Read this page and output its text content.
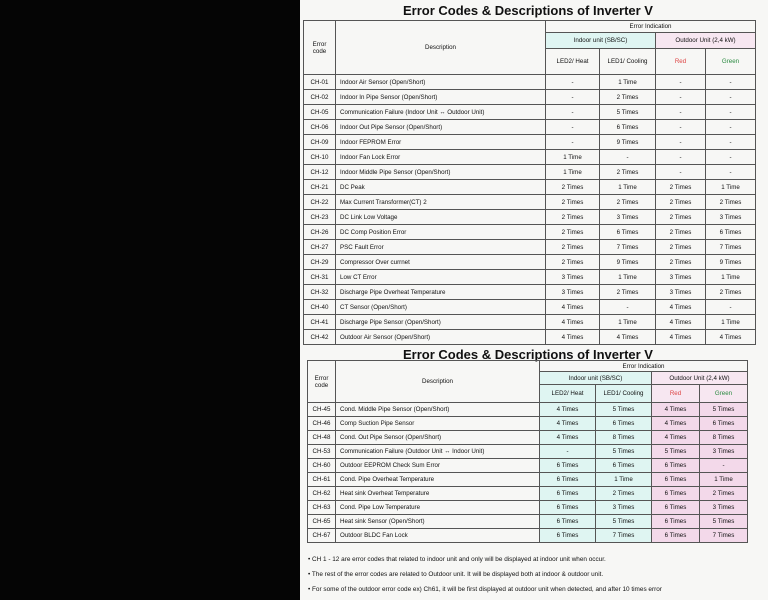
Error Codes & Descriptions of Inverter V
Error code	Description	Error Indication			
		Indoor unit (SB/SC)		Outdoor Unit (2,4 kW)	
		LED2/ Heat	LED1/ Cooling	Red	Green
CH-01	Indoor Air Sensor (Open/Short)	-	1 Time	-	-
CH-02	Indoor In Pipe Sensor (Open/Short)	-	2 Times	-	-
CH-05	Communication Failure (Indoor Unit ↔ Outdoor Unit)	-	5 Times	-	-
CH-06	Indoor Out Pipe Sensor (Open/Short)	-	6 Times	-	-
CH-09	Indoor FEPROM Error	-	9 Times	-	-
CH-10	Indoor Fan Lock Error	1 Time	-	-	-
CH-12	Indoor Middle Pipe Sensor (Open/Short)	1 Time	2 Times	-	-
CH-21	DC Peak	2 Times	1 Time	2 Times	1 Time
CH-22	Max Current Transformer(CT) 2	2 Times	2 Times	2 Times	2 Times
CH-23	DC Link Low Voltage	2 Times	3 Times	2 Times	3 Times
CH-26	DC Comp Position Error	2 Times	6 Times	2 Times	6 Times
CH-27	PSC Fault Error	2 Times	7 Times	2 Times	7 Times
CH-29	Compressor Over currnet	2 Times	9 Times	2 Times	9 Times
CH-31	Low CT Error	3 Times	1 Time	3 Times	1 Time
CH-32	Discharge Pipe Overheat Temperature	3 Times	2 Times	3 Times	2 Times
CH-40	CT Sensor (Open/Short)	4 Times	-	4 Times	-
CH-41	Discharge Pipe Sensor (Open/Short)	4 Times	1 Time	4 Times	1 Time
CH-42	Outdoor Air Sensor (Open/Short)	4 Times	4 Times	4 Times	4 Times
Error Codes & Descriptions of Inverter V
Error code	Description	Error Indication			
		Indoor unit (SB/SC)		Outdoor Unit (2,4 kW)	
		LED2/ Heat	LED1/ Cooling	Red	Green
CH-45	Cond. Middle Pipe Sensor (Open/Short)	4 Times	5 Times	4 Times	5 Times
CH-46	Comp Suction Pipe Sensor	4 Times	6 Times	4 Times	6 Times
CH-48	Cond. Out Pipe Sensor (Open/Short)	4 Times	8 Times	4 Times	8 Times
CH-53	Communication Failure (Outdoor Unit ↔ Indoor Unit)	-	5 Times	5 Times	3 Times
CH-60	Outdoor EEPROM Check Sum Error	6 Times	6 Times	6 Times	-
CH-61	Cond. Pipe Overheat Temperature	6 Times	1 Time	6 Times	1 Time
CH-62	Heat sink Overheat Temperature	6 Times	2 Times	6 Times	2 Times
CH-63	Cond. Pipe Low Temperature	6 Times	3 Times	6 Times	3 Times
CH-65	Heat sink Sensor (Open/Short)	6 Times	5 Times	6 Times	5 Times
CH-67	Outdoor BLDC Fan Lock	6 Times	7 Times	6 Times	7 Times
• CH 1 - 12 are error codes that related to indoor unit and only will be displayed at indoor unit when occur.
• The rest of the error codes are related to Outdoor unit. It will be displayed both at indoor & outdoor unit.
• For some of the outdoor error code ex) Ch61, it will be first displayed at outdoor unit when detected, and after 10 times error
